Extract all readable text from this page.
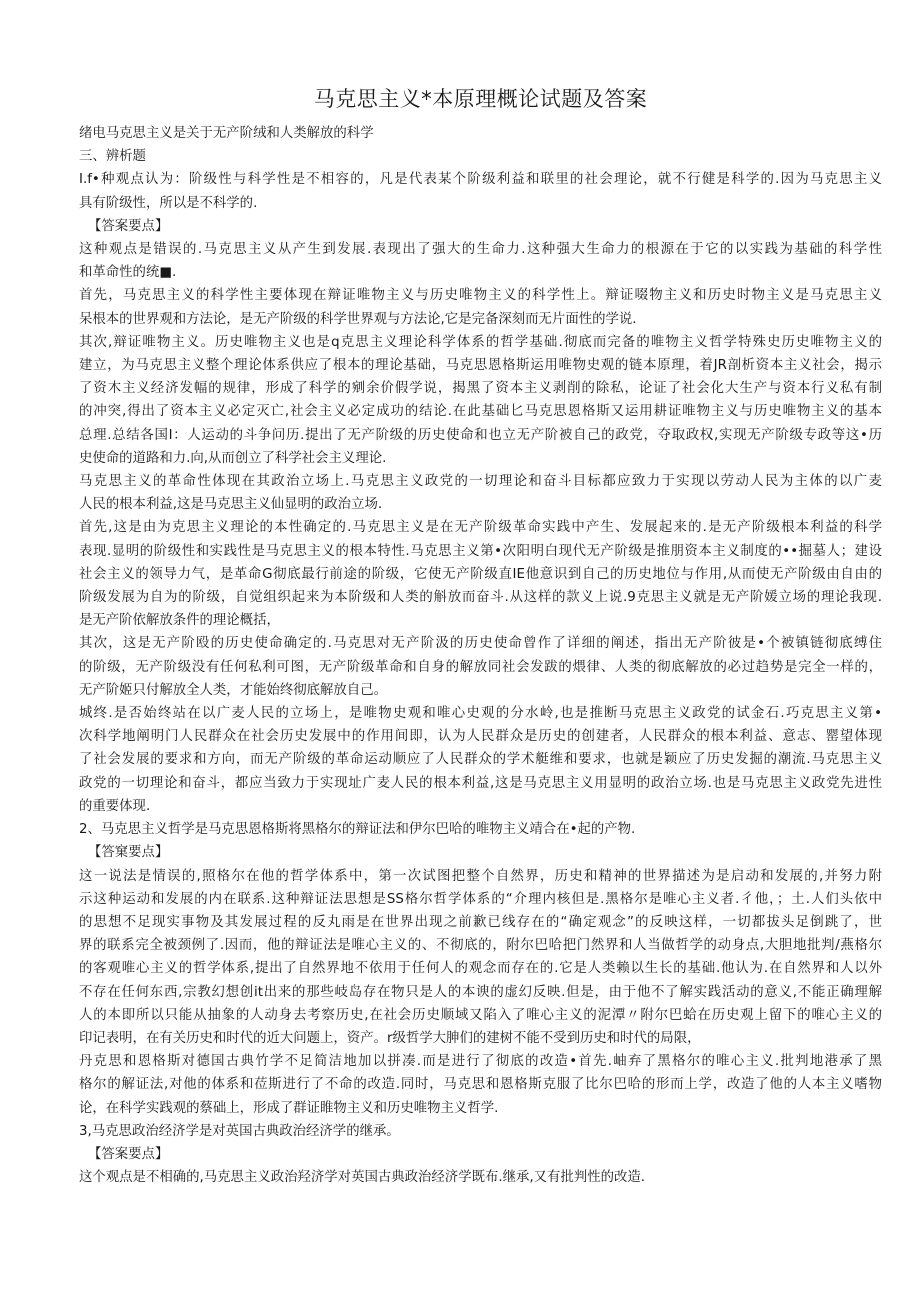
马克思主义*本原理概论试题及答案
绪电马克思主义是关于无产阶绒和人类解放的科学
三、辨析题
I.f•种观点认为：阶级性与科学性是不相容的，凡是代表某个阶级利益和联里的社会理论，就不行健是科学的.因为马克思主义
具有阶级性，所以是不科学的.
【答案要点】
这种观点是错误的.马克思主义从产生到发展.表现出了强大的生命力.这种强大生命力的根源在于它的以实践为基础的科学性
和革命性的统■.
首先，马克思主义的科学性主要体现在辩证唯物主义与历史唯物主义的科学性上。辩证啜物主义和历史时物主义是马克思主义
呆根本的世界观和方法论，是无产阶级的科学世界观与方法论,它是完备深刻而无片面性的学说.
其次,辩证唯物主义。历史唯物主义也是q克思主义理论科学体系的哲学基础.彻底而完备的唯物主义哲学特殊史历史唯物主义的
建立，为马克思主义整个理论体系供应了根本的理论基础，马克思恩格斯运用唯物史观的链本原理，着JR剖析资本主义社会，揭示
了资木主义经济发幅的规律，形成了科学的剜余价假学说，揭黑了资本主义剥削的除私，论证了社会化大生产与资本行义私有制
的冲突,得出了资本主义必定灭亡,社会主义必定成功的结论.在此基础匕马克思恩格斯又运用耕证唯物主义与历史唯物主义的基本
总理.总结各国I：人运动的斗争问历.提出了无产阶级的历史使命和也立无产阶被自己的政党，夺取政权,实现无产阶级专政等这•历
史使命的道路和力.向,从而创立了科学社会主义理论.
马克思主义的革命性体现在其政治立场上.马克思主义政党的一切理论和奋斗目标都应致力于实现以劳动人民为主体的以广麦
人民的根本利益,这是马克思主义仙显明的政治立场.
首先,这是由为克思主义理论的本性确定的.马克思主义是在无产阶级革命实践中产生、发展起来的.是无产阶级根本利益的科学
表现.显明的阶级性和实践性是马克思主义的根本特性.马克思主义第•次阳明白现代无产阶级是推朋资本主义制度的••掘墓人；建设
社会主义的领导力气，是革命G彻底最行前途的阶级，它使无产阶级直IE他意识到自己的历史地位与作用,从而使无产阶级由自由的
阶级发展为自为的阶级，自觉组织起来为本阶级和人类的斛放而奋斗.从这样的款义上说.9克思主义就是无产阶媛立场的理论我现.
是无产阶依解放条件的理论概括，
其次，这是无产阶殴的历史使命确定的.马克思对无产阶汲的历史使命曾作了详细的阐述，指出无产阶彼是•个被镇链彻底缚住
的阶级，无产阶级没有任何私利可图，无产阶级革命和自身的解放同社会发跋的煨律、人类的彻底解放的必过趋势是完全一样的，
无产阶姬只付解放全人类，才能始终彻底解放自己。
城终.是否始终站在以广麦人民的立场上，是唯物史观和唯心史观的分水岭,也是推断马克思主义政党的试金石.巧克思主义第•
次科学地阐明门人民群众在社会历史发展中的作用间即，认为人民群众是历史的创建者，人民群众的根本利益、意志、罂望体现
了社会发展的要求和方向，而无产阶级的革命运动顺应了人民群众的学术艇维和要求，也就是颖应了历史发掘的潮流.马克思主义
政党的一切理论和奋斗，都应当致力于实现址广麦人民的根本利益,这是马克思主义用显明的政治立场.也是马克思主义政党先进性
的重要体现.
2、马克思主义哲学是马克思恩格斯将黑格尔的辩证法和伊尔巴哈的唯物主义靖合在•起的产物.
【答窠要点】
这一说法是情误的,照格尔在他的哲学体系中，第一次试图把整个自然界，历史和精神的世界描述为是启动和发展的,并努力附
示这种运动和发展的内在联系.这种辩证法思想是SS格尔哲学体系的“介理内核但是.黑格尔是唯心主义者.彳他，；土.人们头依中
的思想不足现实事物及其发展过程的反丸雨是在世界出现之前歉已线存在的“确定观念”的反映这样，一切都拔头足倒跳了，世
界的联系完全被颈例了.因而，他的辩证法是唯心主义的、不彻底的，附尔巴哈把门然界和人当做哲学的动身点,大胆地批判/燕格尔
的客观唯心主义的哲学体系,提出了自然界地不依用于任何人的观念而存在的.它是人类赖以生长的基础.他认为.在自然界和人以外
不存在任何东西,宗教幻想创it出来的那些岐岛存在物只是人的本谀的虚幻反映.但是，由于他不了解实践活动的意义,不能正确理解
人的本即所以只能从抽象的人动身去考察历史,在社会历史顺域又陷入了唯心主义的泥潭〃附尔巴蛤在历史观上留下的唯心主义的
印记表明，在有关历史和时代的近大问题上，资产。r级哲学大胂们的建树不能不受到历史和时代的局限，
丹克思和恩格斯对德国古典竹学不足简洁地加以拼凑.而是进行了彻底的改造•首先.岫弃了黑格尔的唯心主义.批判地港承了黑
格尔的解证法,对他的体系和莅斯进行了不命的改造.同时，马克思和恩格斯克服了比尔巴哈的形而上学，改造了他的人本主义嗜物
论，在科学实践观的蔡础上，形成了群证睢物主义和历史唯物主义哲学.
3,马克思政治经济学是对英国古典政治经济学的继承。
【答案要点】
这个观点是不相确的,马克思主义政治羟济学对英国古典政治经济学既布.继承,又有批判性的改造.
